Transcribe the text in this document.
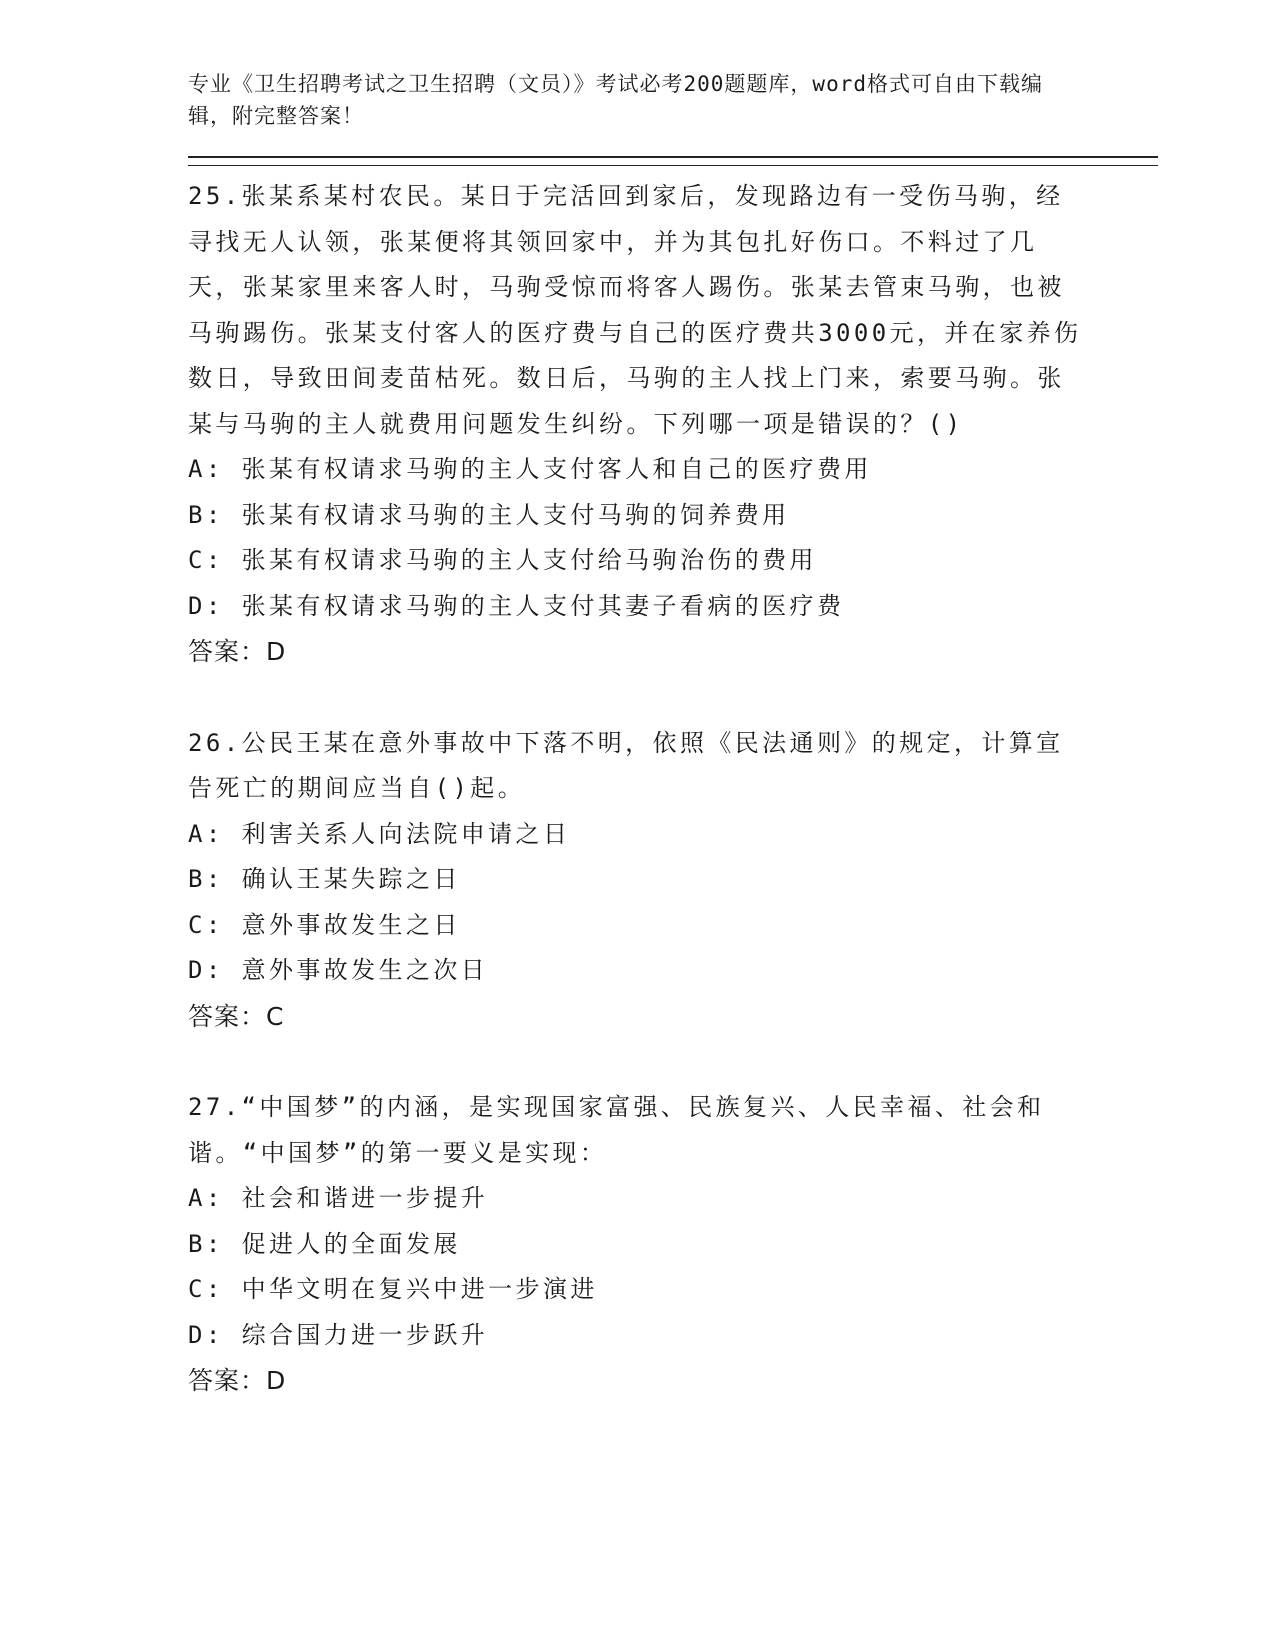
专业《卫生招聘考试之卫生招聘（文员）》考试必考200题题库，word格式可自由下载编辑，附完整答案！

25.张某系某村农民。某日于完活回到家后，发现路边有一受伤马驹，经寻找无人认领，张某便将其领回家中，并为其包扎好伤口。不料过了几天，张某家里来客人时，马驹受惊而将客人踢伤。张某去管束马驹，也被马驹踢伤。张某支付客人的医疗费与自己的医疗费共3000元，并在家养伤数日，导致田间麦苗枯死。数日后，马驹的主人找上门来，索要马驹。张某与马驹的主人就费用问题发生纠纷。下列哪一项是错误的？()

A: 张某有权请求马驹的主人支付客人和自己的医疗费用

B: 张某有权请求马驹的主人支付马驹的饲养费用

C: 张某有权请求马驹的主人支付给马驹治伤的费用

D: 张某有权请求马驹的主人支付其妻子看病的医疗费

答案：D

26.公民王某在意外事故中下落不明，依照《民法通则》的规定，计算宣告死亡的期间应当自()起。

A: 利害关系人向法院申请之日

B: 确认王某失踪之日

C: 意外事故发生之日

D: 意外事故发生之次日

答案：C

27.“中国梦”的内涵，是实现国家富强、民族复兴、人民幸福、社会和谐。“中国梦”的第一要义是实现：

A: 社会和谐进一步提升

B: 促进人的全面发展

C: 中华文明在复兴中进一步演进

D: 综合国力进一步跃升

答案：D
